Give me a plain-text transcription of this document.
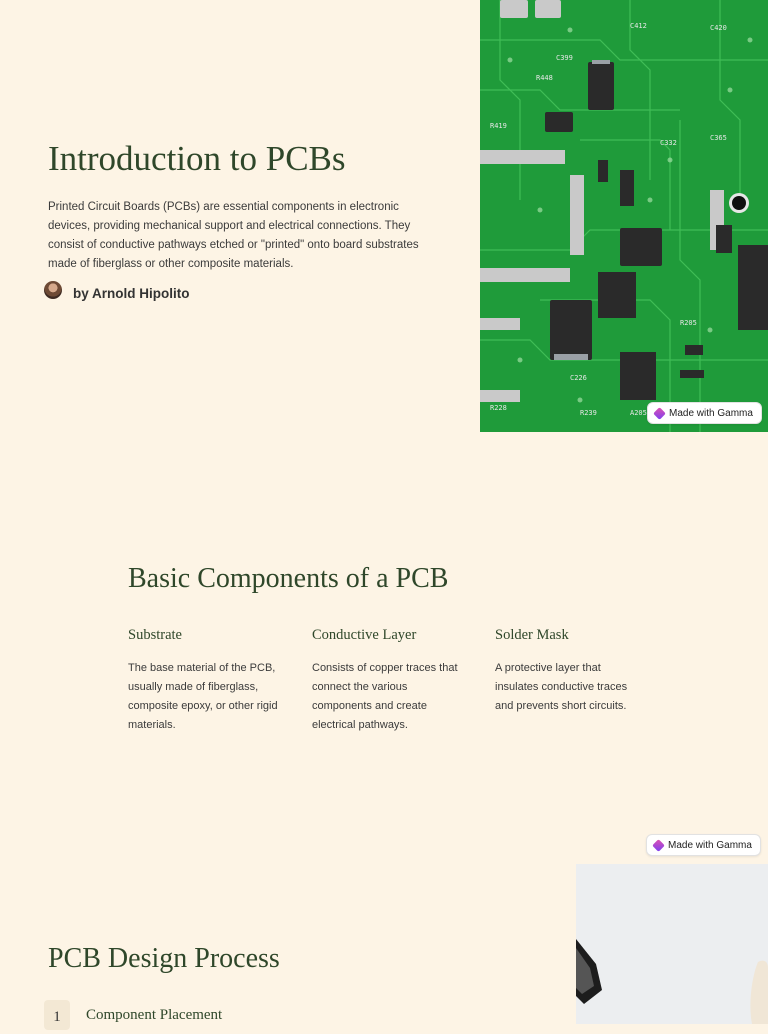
Introduction to PCBs

Printed Circuit Boards (PCBs) are essential components in electronic devices, providing mechanical support and electrical connections. They consist of conductive pathways etched or "printed" onto board substrates made of fiberglass or other composite materials.

by Arnold Hipolito
R419
C399
R448
C332
C412	C420
C365
R228
C226
R239	A205
R205
Made with Gamma
Basic Components of a PCB
Substrate

The base material of the PCB, usually made of fiberglass, composite epoxy, or other rigid materials.

Conductive Layer

Consists of copper traces that connect the various components and create electrical pathways.

Solder Mask

A protective layer that insulates conductive traces and prevents short circuits.

Made with Gamma
PCB Design Process
1	Component Placement
